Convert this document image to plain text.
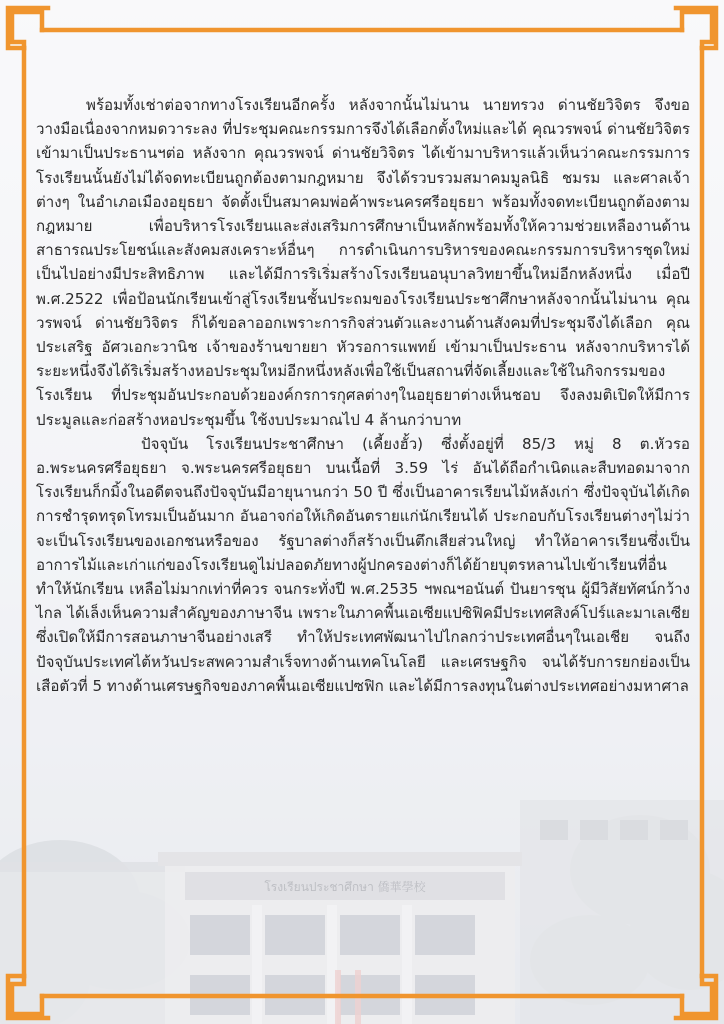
โรงเรียนประชาศึกษา 僑華學校

พร้อมทั้งเช่าต่อจากทางโรงเรียนอีกครั้ง หลังจากนั้นไม่นาน นายทรวง ด่านชัยวิจิตร จึงขอวางมือเนื่องจากหมดวาระลง ที่ประชุมคณะกรรมการจึงได้เลือกตั้งใหม่และได้ คุณวรพจน์ ด่านชัยวิจิตร เข้ามาเป็นประธานฯต่อ หลังจาก คุณวรพจน์ ด่านชัยวิจิตร ได้เข้ามาบริหารแล้วเห็นว่าคณะกรรมการโรงเรียนนั้นยังไม่ได้จดทะเบียนถูกต้องตามกฎหมาย จึงได้รวบรวมสมาคมมูลนิธิ ชมรม และศาลเจ้าต่างๆ ในอำเภอเมืองอยุธยา จัดตั้งเป็นสมาคมพ่อค้าพระนครศรีอยุธยา พร้อมทั้งจดทะเบียนถูกต้องตามกฎหมาย เพื่อบริหารโรงเรียนและส่งเสริมการศึกษาเป็นหลักพร้อมทั้งให้ความช่วยเหลืองานด้านสาธารณประโยชน์และสังคมสงเคราะห์อื่นๆ การดำเนินการบริหารของคณะกรรมการบริหารชุดใหม่เป็นไปอย่างมีประสิทธิภาพ และได้มีการริเริ่มสร้างโรงเรียนอนุบาลวิทยาขึ้นใหม่อีกหลังหนึ่ง เมื่อปี พ.ศ.2522 เพื่อป้อนนักเรียนเข้าสู่โรงเรียนชั้นประถมของโรงเรียนประชาศึกษาหลังจากนั้นไม่นาน คุณวรพจน์ ด่านชัยวิจิตร ก็ได้ขอลาออกเพราะการกิจส่วนตัวและงานด้านสังคมที่ประชุมจึงได้เลือก คุณประเสริฐ อัศวเอกะวานิช เจ้าของร้านขายยา หัวรอการแพทย์ เข้ามาเป็นประธาน หลังจากบริหารได้ระยะหนึ่งจึงได้ริเริ่มสร้างหอประชุมใหม่อีกหนึ่งหลังเพื่อใช้เป็นสถานที่จัดเลี้ยงและใช้ในกิจกรรมของโรงเรียน ที่ประชุมอันประกอบด้วยองค์กรการกุศลต่างๆในอยุธยาต่างเห็นชอบ จึงลงมติเปิดให้มีการประมูลและก่อสร้างหอประชุมขึ้น ใช้งบประมาณไป 4 ล้านกว่าบาท

ปัจจุบัน โรงเรียนประชาศึกษา (เคี้ยงฮั้ว) ซึ่งตั้งอยู่ที่ 85/3 หมู่ 8 ต.หัวรอ อ.พระนครศรีอยุธยา จ.พระนครศรีอยุธยา บนเนื้อที่ 3.59 ไร่ อันได้ถือกำเนิดและสืบทอดมาจากโรงเรียนก็กมิ้งในอดีตจนถึงปัจจุบันมีอายุนานกว่า 50 ปี ซึ่งเป็นอาคารเรียนไม้หลังเก่า ซึ่งปัจจุบันได้เกิดการชำรุดทรุดโทรมเป็นอันมาก อันอาจก่อให้เกิดอันตรายแก่นักเรียนได้ ประกอบกับโรงเรียนต่างๆไม่ว่าจะเป็นโรงเรียนของเอกชนหรือของ รัฐบาลต่างก็สร้างเป็นตึกเสียส่วนใหญ่ ทำให้อาคารเรียนซึ่งเป็นอาการไม้และเก่าแก่ของโรงเรียนดูไม่ปลอดภัยทางผู้ปกครองต่างก็ได้ย้ายบุตรหลานไปเข้าเรียนที่อื่น ทำให้นักเรียน เหลือไม่มากเท่าที่ควร จนกระทั่งปี พ.ศ.2535 ฯพณฯอนันต์ ปันยารชุน ผู้มีวิสัยทัศน์กว้างไกล ได้เล็งเห็นความสำคัญของภาษาจีน เพราะในภาคพื้นเอเซียแปซิฟิคมีประเทศสิงค์โปร์และมาเลเซียซึ่งเปิดให้มีการสอนภาษาจีนอย่างเสรี ทำให้ประเทศพัฒนาไปไกลกว่าประเทศอื่นๆในเอเชีย จนถึงปัจจุบันประเทศไต้หวันประสพความสำเร็จทางด้านเทคโนโลยี และเศรษฐกิจ จนได้รับการยกย่องเป็นเสือตัวที่ 5 ทางด้านเศรษฐกิจของภาคพื้นเอเซียแปซฟิก และได้มีการลงทุนในต่างประเทศอย่างมหาศาล
